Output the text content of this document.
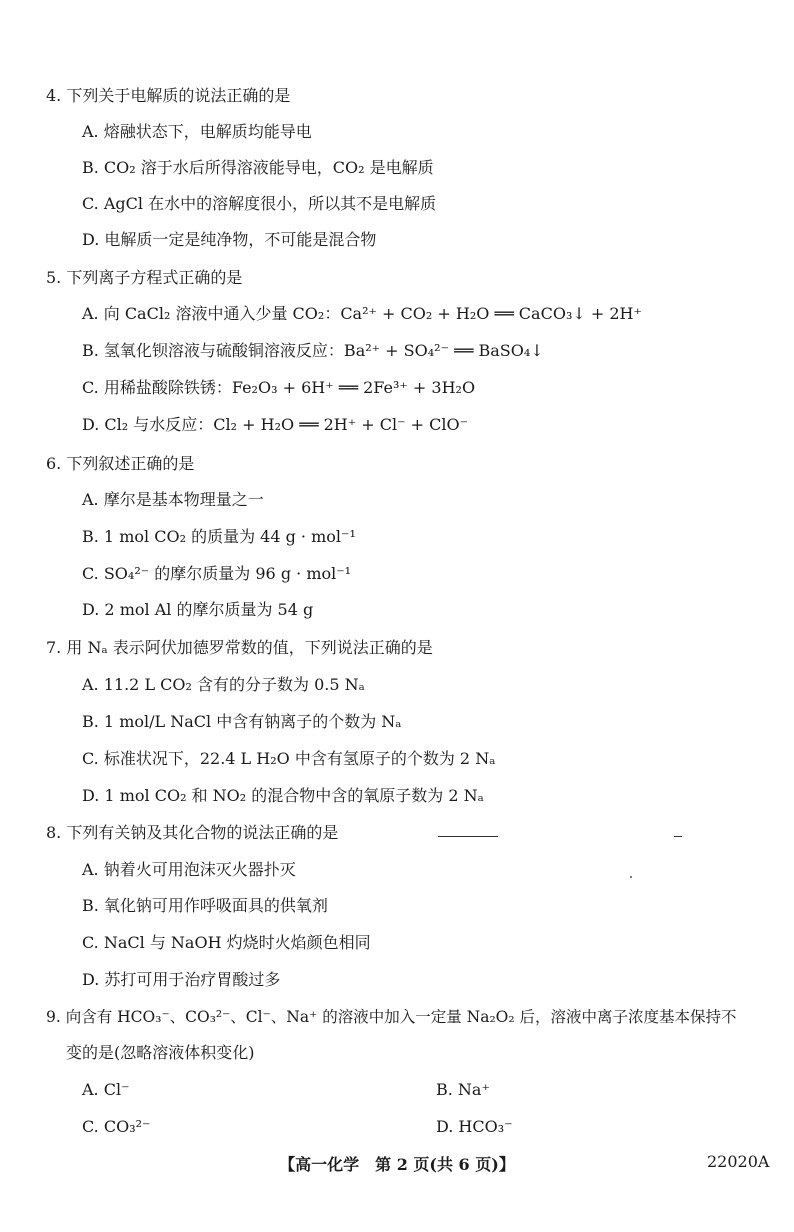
4. 下列关于电解质的说法正确的是
A. 熔融状态下，电解质均能导电
B. CO₂ 溶于水后所得溶液能导电，CO₂ 是电解质
C. AgCl 在水中的溶解度很小，所以其不是电解质
D. 电解质一定是纯净物，不可能是混合物
5. 下列离子方程式正确的是
A. 向 CaCl₂ 溶液中通入少量 CO₂：Ca²⁺ + CO₂ + H₂O ══ CaCO₃↓ + 2H⁺
B. 氢氧化钡溶液与硫酸铜溶液反应：Ba²⁺ + SO₄²⁻ ══ BaSO₄↓
C. 用稀盐酸除铁锈：Fe₂O₃ + 6H⁺ ══ 2Fe³⁺ + 3H₂O
D. Cl₂ 与水反应：Cl₂ + H₂O ══ 2H⁺ + Cl⁻ + ClO⁻
6. 下列叙述正确的是
A. 摩尔是基本物理量之一
B. 1 mol CO₂ 的质量为 44 g · mol⁻¹
C. SO₄²⁻ 的摩尔质量为 96 g · mol⁻¹
D. 2 mol Al 的摩尔质量为 54 g
7. 用 Nₐ 表示阿伏加德罗常数的值，下列说法正确的是
A. 11.2 L CO₂ 含有的分子数为 0.5 Nₐ
B. 1 mol/L NaCl 中含有钠离子的个数为 Nₐ
C. 标准状况下，22.4 L H₂O 中含有氢原子的个数为 2 Nₐ
D. 1 mol CO₂ 和 NO₂ 的混合物中含的氧原子数为 2 Nₐ
8. 下列有关钠及其化合物的说法正确的是
A. 钠着火可用泡沫灭火器扑灭
B. 氧化钠可用作呼吸面具的供氧剂
C. NaCl 与 NaOH 灼烧时火焰颜色相同
D. 苏打可用于治疗胃酸过多
9. 向含有 HCO₃⁻、CO₃²⁻、Cl⁻、Na⁺ 的溶液中加入一定量 Na₂O₂ 后，溶液中离子浓度基本保持不
变的是(忽略溶液体积变化)
A. Cl⁻	B. Na⁺
C. CO₃²⁻	D. HCO₃⁻
【高一化学　第 2 页(共 6 页)】	22020A
